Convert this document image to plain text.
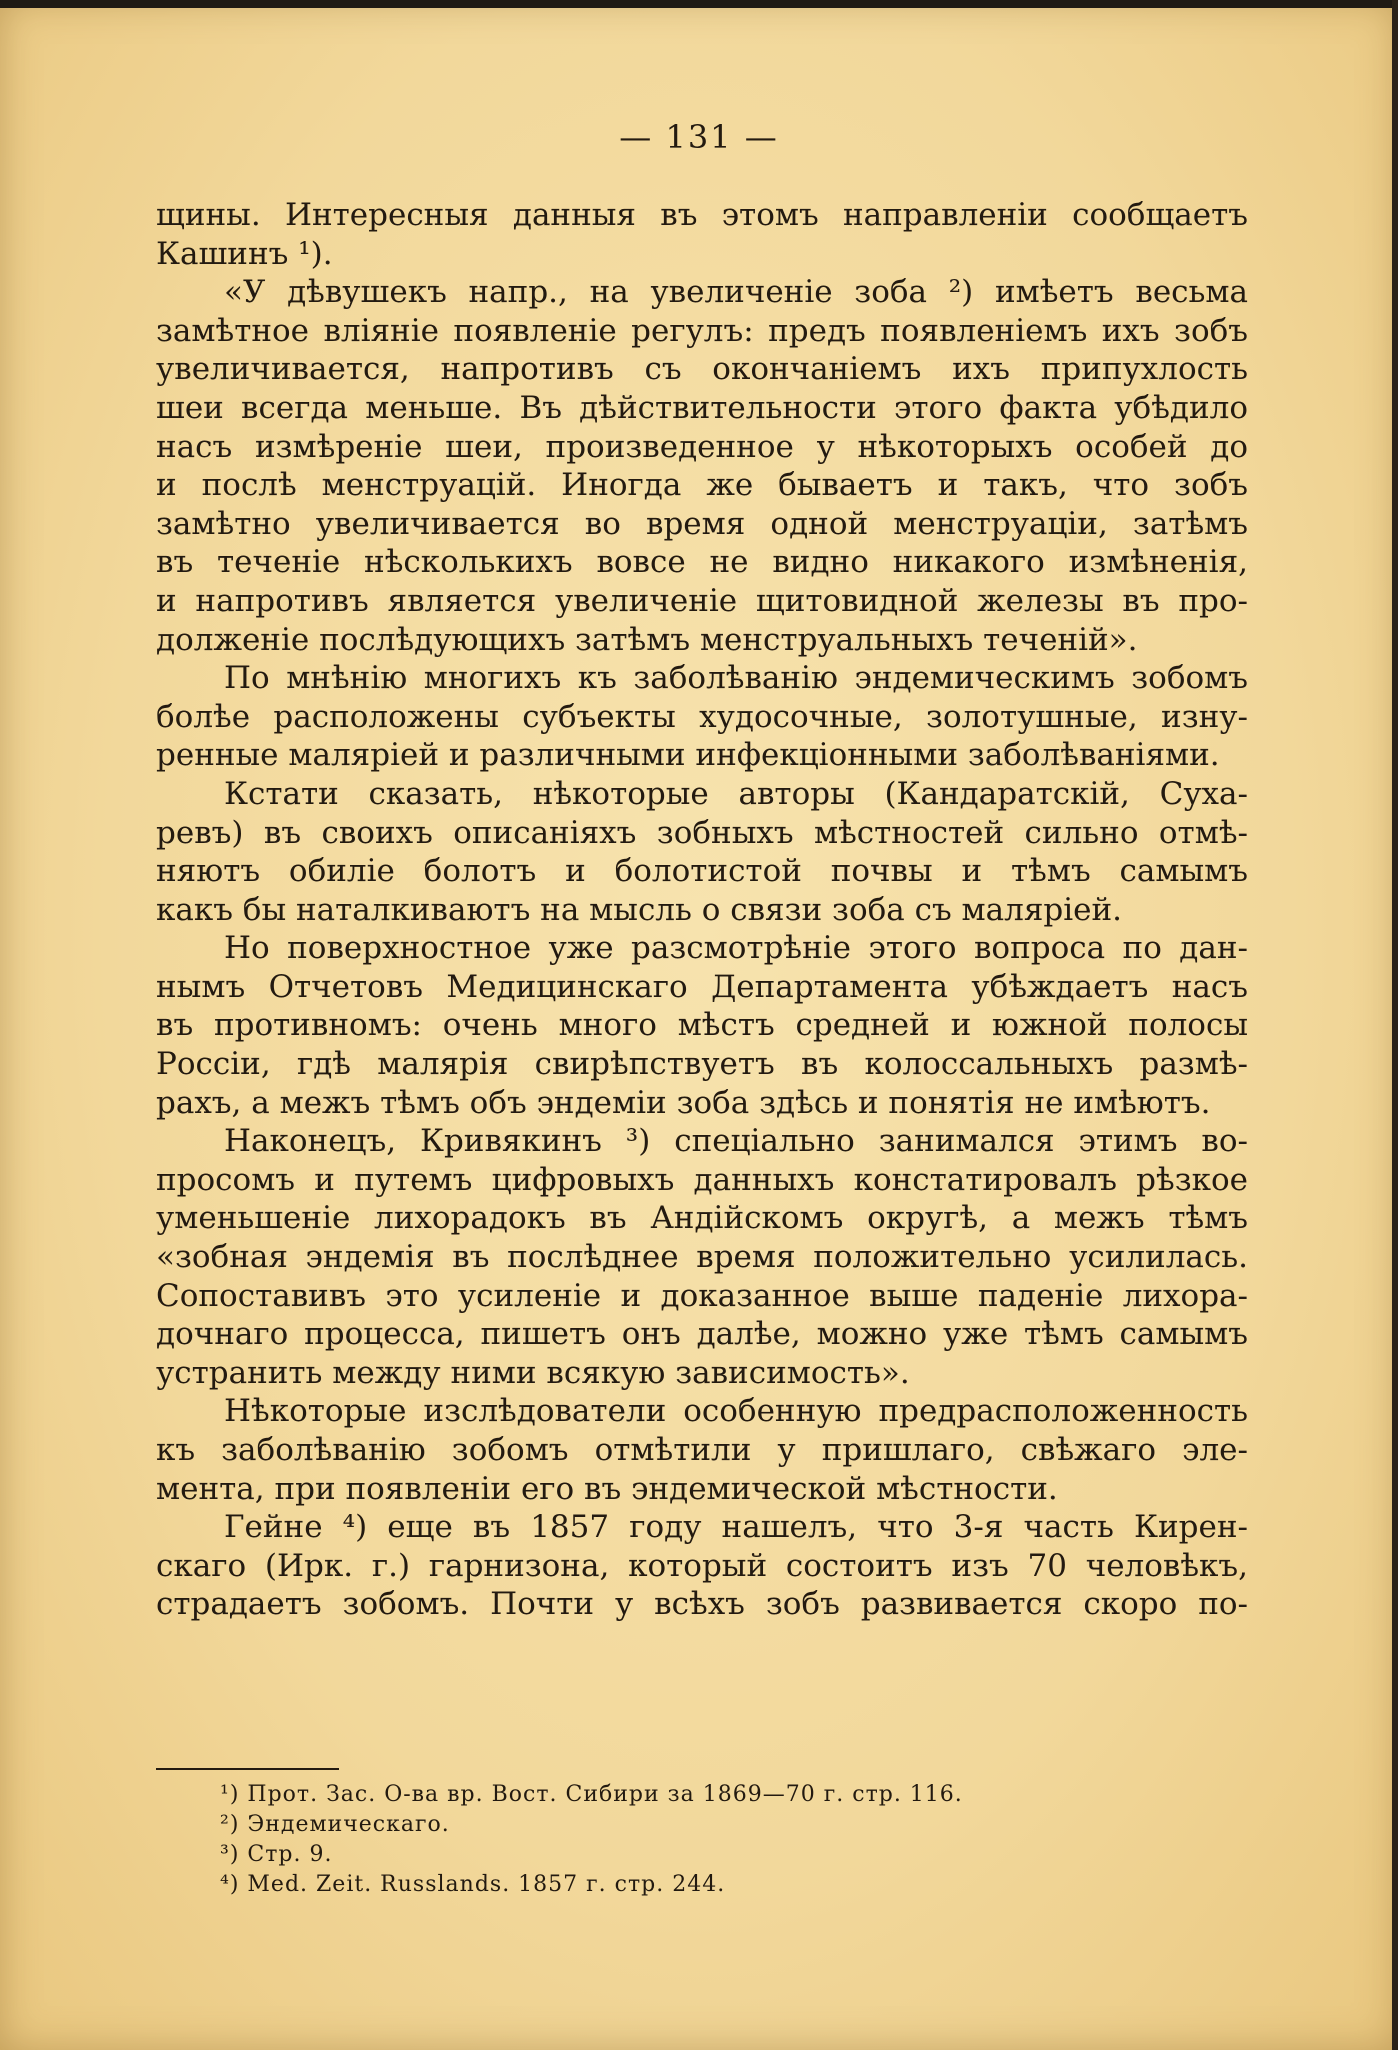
— 131 —
щины. Интересныя данныя въ этомъ направленіи сообщаетъ
Кашинъ ¹).
«У дѣвушекъ напр., на увеличеніе зоба ²) имѣетъ весьма
замѣтное вліяніе появленіе регулъ: предъ появленіемъ ихъ зобъ
увеличивается, напротивъ съ окончаніемъ ихъ припухлость
шеи всегда меньше. Въ дѣйствительности этого факта убѣдило
насъ измѣреніе шеи, произведенное у нѣкоторыхъ особей до
и послѣ менструацій. Иногда же бываетъ и такъ, что зобъ
замѣтно увеличивается во время одной менструаціи, затѣмъ
въ теченіе нѣсколькихъ вовсе не видно никакого измѣненія,
и напротивъ является увеличеніе щитовидной железы въ про-
долженіе послѣдующихъ затѣмъ менструальныхъ теченій».
По мнѣнію многихъ къ заболѣванію эндемическимъ зобомъ
болѣе расположены субъекты худосочные, золотушные, изну-
ренные маляріей и различными инфекціонными заболѣваніями.
Кстати сказать, нѣкоторые авторы (Кандаратскій, Суха-
ревъ) въ своихъ описаніяхъ зобныхъ мѣстностей сильно отмѣ-
няютъ обиліе болотъ и болотистой почвы и тѣмъ самымъ
какъ бы наталкиваютъ на мысль о связи зоба съ маляріей.
Но поверхностное уже разсмотрѣніе этого вопроса по дан-
нымъ Отчетовъ Медицинскаго Департамента убѣждаетъ насъ
въ противномъ: очень много мѣстъ средней и южной полосы
Россіи, гдѣ малярія свирѣпствуетъ въ колоссальныхъ размѣ-
рахъ, а межъ тѣмъ объ эндеміи зоба здѣсь и понятія не имѣютъ.
Наконецъ, Кривякинъ ³) спеціально занимался этимъ во-
просомъ и путемъ цифровыхъ данныхъ констатировалъ рѣзкое
уменьшеніе лихорадокъ въ Андійскомъ округѣ, а межъ тѣмъ
«зобная эндемія въ послѣднее время положительно усилилась.
Сопоставивъ это усиленіе и доказанное выше паденіе лихора-
дочнаго процесса, пишетъ онъ далѣе, можно уже тѣмъ самымъ
устранить между ними всякую зависимость».
Нѣкоторые изслѣдователи особенную предрасположенность
къ заболѣванію зобомъ отмѣтили у пришлаго, свѣжаго эле-
мента, при появленіи его въ эндемической мѣстности.
Гейне ⁴) еще въ 1857 году нашелъ, что 3-я часть Кирен-
скаго (Ирк. г.) гарнизона, который состоитъ изъ 70 человѣкъ,
страдаетъ зобомъ. Почти у всѣхъ зобъ развивается скоро по-
¹) Прот. Зас. О-ва вр. Вост. Сибири за 1869—70 г. стр. 116.
²) Эндемическаго.
³) Стр. 9.
⁴) Med. Zeit. Russlands. 1857 г. стр. 244.
